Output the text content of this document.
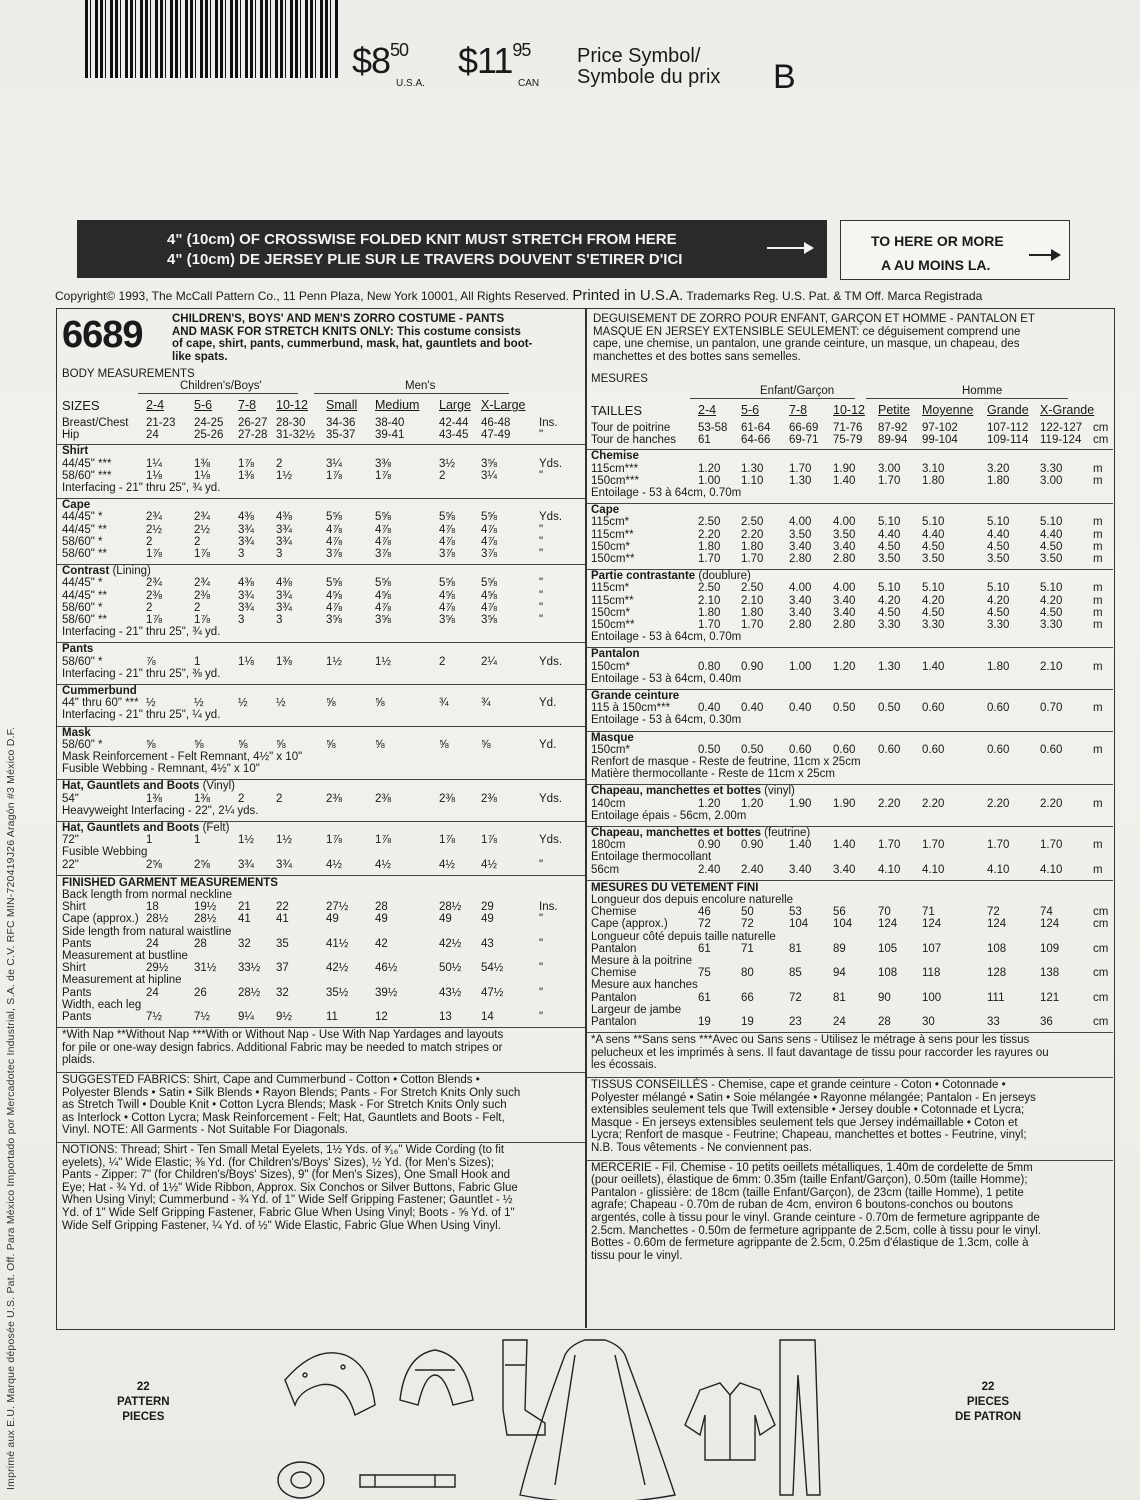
$\$8^{50}$
U.S.A.
$\$11^{95}$
CAN
Price Symbol/
Symbole du prix B
4" (10cm) OF CROSSWISE FOLDED KNIT MUST STRETCH FROM HERE
4" (10cm) DE JERSEY PLIE SUR LE TRAVERS DOUVENT S'ETIRER D'ICI
TO HERE OR MORE
A AU MOINS LA.
Copyright© 1993, The McCall Pattern Co., 11 Penn Plaza, New York 10001, All Rights Reserved. Printed in U.S.A. Trademarks Reg. U.S. Pat. & TM Off. Marca Registrada
Imprimé aux E.U. Marque déposée U.S. Pat. Off. Para México Importado por Mercadotec Industrial, S.A. de C.V. RFC MIN-720419J26 Aragón #3 México D.F.
6689	CHILDREN'S, BOYS' AND MEN'S ZORRO COSTUME - PANTS
AND MASK FOR STRETCH KNITS ONLY: This costume consists
of cape, shirt, pants, cummerbund, mask, hat, gauntlets and boot-
like spats.
DEGUISEMENT DE ZORRO POUR ENFANT, GARÇON ET HOMME - PANTALON ET
MASQUE EN JERSEY EXTENSIBLE SEULEMENT: ce déguisement comprend une
cape, une chemise, un pantalon, une grande ceinture, un masque, un chapeau, des
manchettes et des bottes sans semelles.
BODY MEASUREMENTS
Children's/Boys'	Men's
SIZES	2-4 5-6 7-8 10-12 Small Medium Large X-Large
Breast/Chest 21-23 24-25 26-27 28-30 34-36 38-40	42-44 46-48 Ins.
Hip	24	25-26 27-28 31-32½ 35-37 39-41	43-45 47-49 "
Shirt
44/45" ***	1¼	1⅜ 1⅞ 2	3¼	3⅜	3½ 3⅝	Yds.
58/60" ***	1⅛	1⅛ 1⅜ 1½	1⅞	1⅞	2	3¼	"
Interfacing - 21" thru 25", ¾ yd.
Cape
44/45" *	2¾	2¾ 4⅜ 4⅜	5⅝	5⅝	5⅝ 5⅝	Yds.
44/45" **	2½	2½ 3¾ 3¾	4⅞	4⅞	4⅞ 4⅞	"
58/60" *	2	2	3¾ 3¾	4⅞	4⅞	4⅞ 4⅞	"
58/60" **	1⅞	1⅞ 3	3	3⅞	3⅞	3⅞ 3⅞	"
Contrast (Lining)
44/45" *	2¾	2¾ 4⅜ 4⅜	5⅝	5⅝	5⅝ 5⅝	"
44/45" **	2⅜	2⅜ 3¾ 3¾	4⅝	4⅝	4⅝ 4⅝	"
58/60" *	2	2	3¾ 3¾	4⅞	4⅞	4⅞ 4⅞	"
58/60" **	1⅞	1⅞ 3	3	3⅝	3⅝	3⅝ 3⅝	"
Interfacing - 21" thru 25", ¾ yd.
Pants
58/60" *	⅞	1	1⅛ 1⅜	1½	1½	2	2¼	Yds.
Interfacing - 21" thru 25", ⅜ yd.
Cummerbund
44" thru 60" *** ½	½	½ ½	⅝	⅝	¾	¾	Yd.
Interfacing - 21" thru 25", ¼ yd.
Mask
58/60" *	⅝	⅝	⅝ ⅝	⅝	⅝	⅝	⅝	Yd.
Mask Reinforcement - Felt Remnant, 4½" x 10"
Fusible Webbing - Remnant, 4½" x 10"
Hat, Gauntlets and Boots (Vinyl)
54"	1⅜	1⅜ 2	2	2⅜	2⅜	2⅜ 2⅜	Yds.
Heavyweight Interfacing - 22", 2¼ yds.
Hat, Gauntlets and Boots (Felt)
72"	1	1	1½ 1½	1⅞	1⅞	1⅞ 1⅞	Yds.
Fusible Webbing
22"	2⅝	2⅝ 3¾ 3¾	4½	4½	4½ 4½	"
FINISHED GARMENT MEASUREMENTS
Back length from normal neckline
Shirt	18	19½ 21 22	27½ 28	28½ 29	Ins.
Cape (approx.) 28½ 28½ 41 41	49	49	49	49	"
Side length from natural waistline
Pants	24	28	32 35	41½ 42	42½ 43	"
Measurement at bustline
Shirt	29½ 31½ 33½ 37	42½ 46½	50½ 54½	"
Measurement at hipline
Pants	24	26	28½ 32	35½ 39½	43½ 47½	"
Width, each leg
Pants	7½	7½ 9¼ 9½	11	12	13	14	"
*With Nap **Without Nap ***With or Without Nap - Use With Nap Yardages and layouts
for pile or one-way design fabrics. Additional Fabric may be needed to match stripes or
plaids.
SUGGESTED FABRICS: Shirt, Cape and Cummerbund - Cotton • Cotton Blends •
Polyester Blends • Satin • Silk Blends • Rayon Blends; Pants - For Stretch Knits Only such
as Stretch Twill • Double Knit • Cotton Lycra Blends; Mask - For Stretch Knits Only such
as Interlock • Cotton Lycra; Mask Reinforcement - Felt; Hat, Gauntlets and Boots - Felt,
Vinyl. NOTE: All Garments - Not Suitable For Diagonals.
NOTIONS: Thread; Shirt - Ten Small Metal Eyelets, 1½ Yds. of ³⁄₁₆" Wide Cording (to fit
eyelets), ¼" Wide Elastic; ⅜ Yd. (for Children's/Boys' Sizes), ½ Yd. (for Men's Sizes);
Pants - Zipper: 7" (for Children's/Boys' Sizes), 9" (for Men's Sizes), One Small Hook and
Eye; Hat - ¾ Yd. of 1½" Wide Ribbon, Approx. Six Conchos or Silver Buttons, Fabric Glue
When Using Vinyl; Cummerbund - ¾ Yd. of 1" Wide Self Gripping Fastener; Gauntlet - ½
Yd. of 1" Wide Self Gripping Fastener, Fabric Glue When Using Vinyl; Boots - ⅝ Yd. of 1"
Wide Self Gripping Fastener, ¼ Yd. of ½" Wide Elastic, Fabric Glue When Using Vinyl.
MESURES
Enfant/Garçon	Homme
TAILLES	2-4 5-6 7-8 10-12 Petite Moyenne Grande X-Grande
Tour de poitrine 53-58 61-64 66-69 71-76 87-92 97-102	107-112 122-127 cm
Tour de hanches 61	64-66 69-71 75-79 89-94 99-104	109-114 119-124 cm
Chemise
115cm***	1.20 1.30 1.70 1.90 3.00 3.10	3.20	3.30	m
150cm***	1.00 1.10 1.30 1.40 1.70 1.80	1.80	3.00	m
Entoilage - 53 à 64cm, 0.70m
Cape
115cm*	2.50 2.50 4.00 4.00 5.10 5.10	5.10	5.10	m
115cm**	2.20 2.20 3.50 3.50 4.40 4.40	4.40	4.40	m
150cm*	1.80 1.80 3.40 3.40 4.50 4.50	4.50	4.50	m
150cm**	1.70 1.70 2.80 2.80 3.50 3.50	3.50	3.50	m
Partie contrastante (doublure)
115cm*	2.50 2.50 4.00 4.00 5.10 5.10	5.10	5.10	m
115cm**	2.10 2.10 3.40 3.40 4.20 4.20	4.20	4.20	m
150cm*	1.80 1.80 3.40 3.40 4.50 4.50	4.50	4.50	m
150cm**	1.70 1.70 2.80 2.80 3.30 3.30	3.30	3.30	m
Entoilage - 53 à 64cm, 0.70m
Pantalon
150cm*	0.80 0.90 1.00 1.20 1.30 1.40	1.80	2.10	m
Entoilage - 53 à 64cm, 0.40m
Grande ceinture
115 à 150cm*** 0.40 0.40 0.40 0.50 0.50 0.60	0.60	0.70	m
Entoilage - 53 à 64cm, 0.30m
Masque
150cm*	0.50 0.50 0.60 0.60 0.60 0.60	0.60	0.60	m
Renfort de masque - Reste de feutrine, 11cm x 25cm
Matière thermocollante - Reste de 11cm x 25cm
Chapeau, manchettes et bottes (vinyl)
140cm	1.20 1.20 1.90 1.90 2.20 2.20	2.20	2.20	m
Entoilage épais - 56cm, 2.00m
Chapeau, manchettes et bottes (feutrine)
180cm	0.90 0.90 1.40 1.40 1.70 1.70	1.70	1.70	m
Entoilage thermocollant
56cm	2.40 2.40 3.40 3.40 4.10 4.10	4.10	4.10	m
MESURES DU VETEMENT FINI
Longueur dos depuis encolure naturelle
Chemise	46	50	53	56	70	71	72	74	cm
Cape (approx.)	72	72	104 104 124 124	124	124	cm
Longueur côté depuis taille naturelle
Pantalon	61	71	81	89	105 107	108	109	cm
Mesure à la poitrine
Chemise	75	80	85	94	108 118	128	138	cm
Mesure aux hanches
Pantalon	61	66	72	81	90	100	111	121	cm
Largeur de jambe
Pantalon	19	19	23	24	28	30	33	36	cm
*A sens **Sans sens ***Avec ou Sans sens - Utilisez le métrage à sens pour les tissus
pelucheux et les imprimés à sens. Il faut davantage de tissu pour raccorder les rayures ou
les écossais.
TISSUS CONSEILLÉS - Chemise, cape et grande ceinture - Coton • Cotonnade •
Polyester mélangé • Satin • Soie mélangée • Rayonne mélangée; Pantalon - En jerseys
extensibles seulement tels que Twill extensible • Jersey double • Cotonnade et Lycra;
Masque - En jerseys extensibles seulement tels que Jersey indémaillable • Coton et
Lycra; Renfort de masque - Feutrine; Chapeau, manchettes et bottes - Feutrine, vinyl;
N.B. Tous vêtements - Ne conviennent pas.
MERCERIE - Fil. Chemise - 10 petits oeillets métalliques, 1.40m de cordelette de 5mm
(pour oeillets), élastique de 6mm: 0.35m (taille Enfant/Garçon), 0.50m (taille Homme);
Pantalon - glissière: de 18cm (taille Enfant/Garçon), de 23cm (taille Homme), 1 petite
agrafe; Chapeau - 0.70m de ruban de 4cm, environ 6 boutons-conchos ou boutons
argentés, colle à tissu pour le vinyl. Grande ceinture - 0.70m de fermeture agrippante de
2.5cm. Manchettes - 0.50m de fermeture agrippante de 2.5cm, colle à tissu pour le vinyl.
Bottes - 0.60m de fermeture agrippante de 2.5cm, 0.25m d'élastique de 1.3cm, colle à
tissu pour le vinyl.
22
PATTERN
PIECES
22
PIECES
DE PATRON
